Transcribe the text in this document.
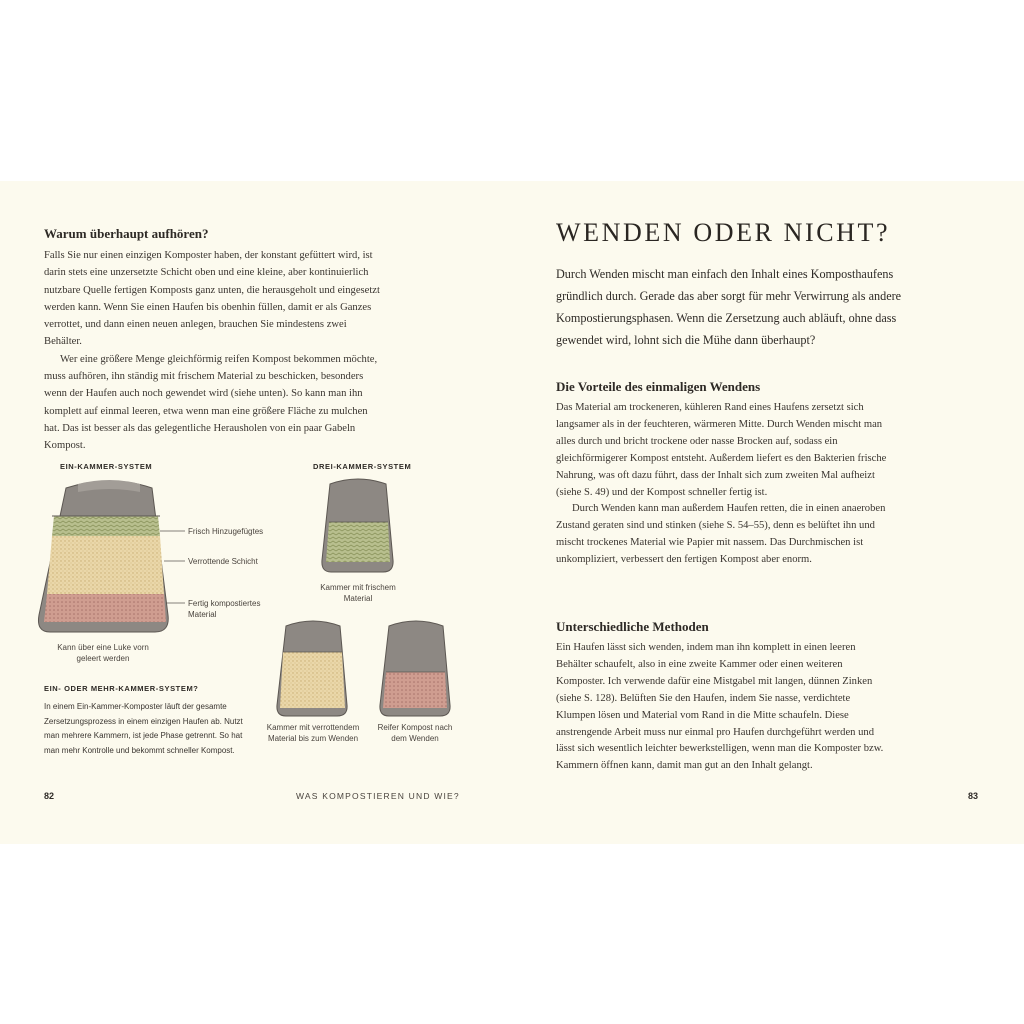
Warum überhaupt aufhören?

Falls Sie nur einen einzigen Komposter haben, der konstant gefüttert wird, ist darin stets eine unzersetzte Schicht oben und eine kleine, aber kontinuierlich nutzbare Quelle fertigen Komposts ganz unten, die herausgeholt und eingesetzt werden kann. Wenn Sie einen Haufen bis obenhin füllen, damit er als Ganzes verrottet, und dann einen neuen anlegen, brauchen Sie mindestens zwei Behälter.

Wer eine größere Menge gleichförmig reifen Kompost bekommen möchte, muss aufhören, ihn ständig mit frischem Material zu beschicken, besonders wenn der Haufen auch noch gewendet wird (siehe unten). So kann man ihn komplett auf einmal leeren, etwa wenn man eine größere Fläche zu mulchen hat. Das ist besser als das gelegentliche Herausholen von ein paar Gabeln Kompost.

EIN-KAMMER-SYSTEM	DREI-KAMMER-SYSTEM
Frisch Hinzugefügtes
Verrottende Schicht
Fertig kompostiertes Material
Kann über eine Luke vorn geleert werden
Kammer mit frischem Material
Kammer mit verrottendem Material bis zum Wenden
Reifer Kompost nach dem Wenden
EIN- ODER MEHR-KAMMER-SYSTEM?
In einem Ein-Kammer-Komposter läuft der gesamte Zersetzungsprozess in einem einzigen Haufen ab. Nutzt man mehrere Kammern, ist jede Phase getrennt. So hat man mehr Kontrolle und bekommt schneller Kompost.
82	WAS KOMPOSTIEREN UND WIE?
WENDEN ODER NICHT?

Durch Wenden mischt man einfach den Inhalt eines Komposthaufens gründlich durch. Gerade das aber sorgt für mehr Verwirrung als andere Kompostierungsphasen. Wenn die Zersetzung auch abläuft, ohne dass gewendet wird, lohnt sich die Mühe dann überhaupt?

Die Vorteile des einmaligen Wendens

Das Material am trockeneren, kühleren Rand eines Haufens zersetzt sich langsamer als in der feuchteren, wärmeren Mitte. Durch Wenden mischt man alles durch und bricht trockene oder nasse Brocken auf, sodass ein gleichförmigerer Kompost entsteht. Außerdem liefert es den Bakterien frische Nahrung, was oft dazu führt, dass der Inhalt sich zum zweiten Mal aufheizt (siehe S. 49) und der Kompost schneller fertig ist.

Durch Wenden kann man außerdem Haufen retten, die in einen anaeroben Zustand geraten sind und stinken (siehe S. 54–55), denn es belüftet ihn und mischt trockenes Material wie Papier mit nassem. Das Durchmischen ist unkompliziert, verbessert den fertigen Kompost aber enorm.

Unterschiedliche Methoden

Ein Haufen lässt sich wenden, indem man ihn komplett in einen leeren Behälter schaufelt, also in eine zweite Kammer oder einen weiteren Komposter. Ich verwende dafür eine Mistgabel mit langen, dünnen Zinken (siehe S. 128). Belüften Sie den Haufen, indem Sie nasse, verdichtete Klumpen lösen und Material vom Rand in die Mitte schaufeln. Diese anstrengende Arbeit muss nur einmal pro Haufen durchgeführt werden und lässt sich wesentlich leichter bewerkstelligen, wenn man die Komposter bzw. Kammern öffnen kann, damit man gut an den Inhalt gelangt.

83
